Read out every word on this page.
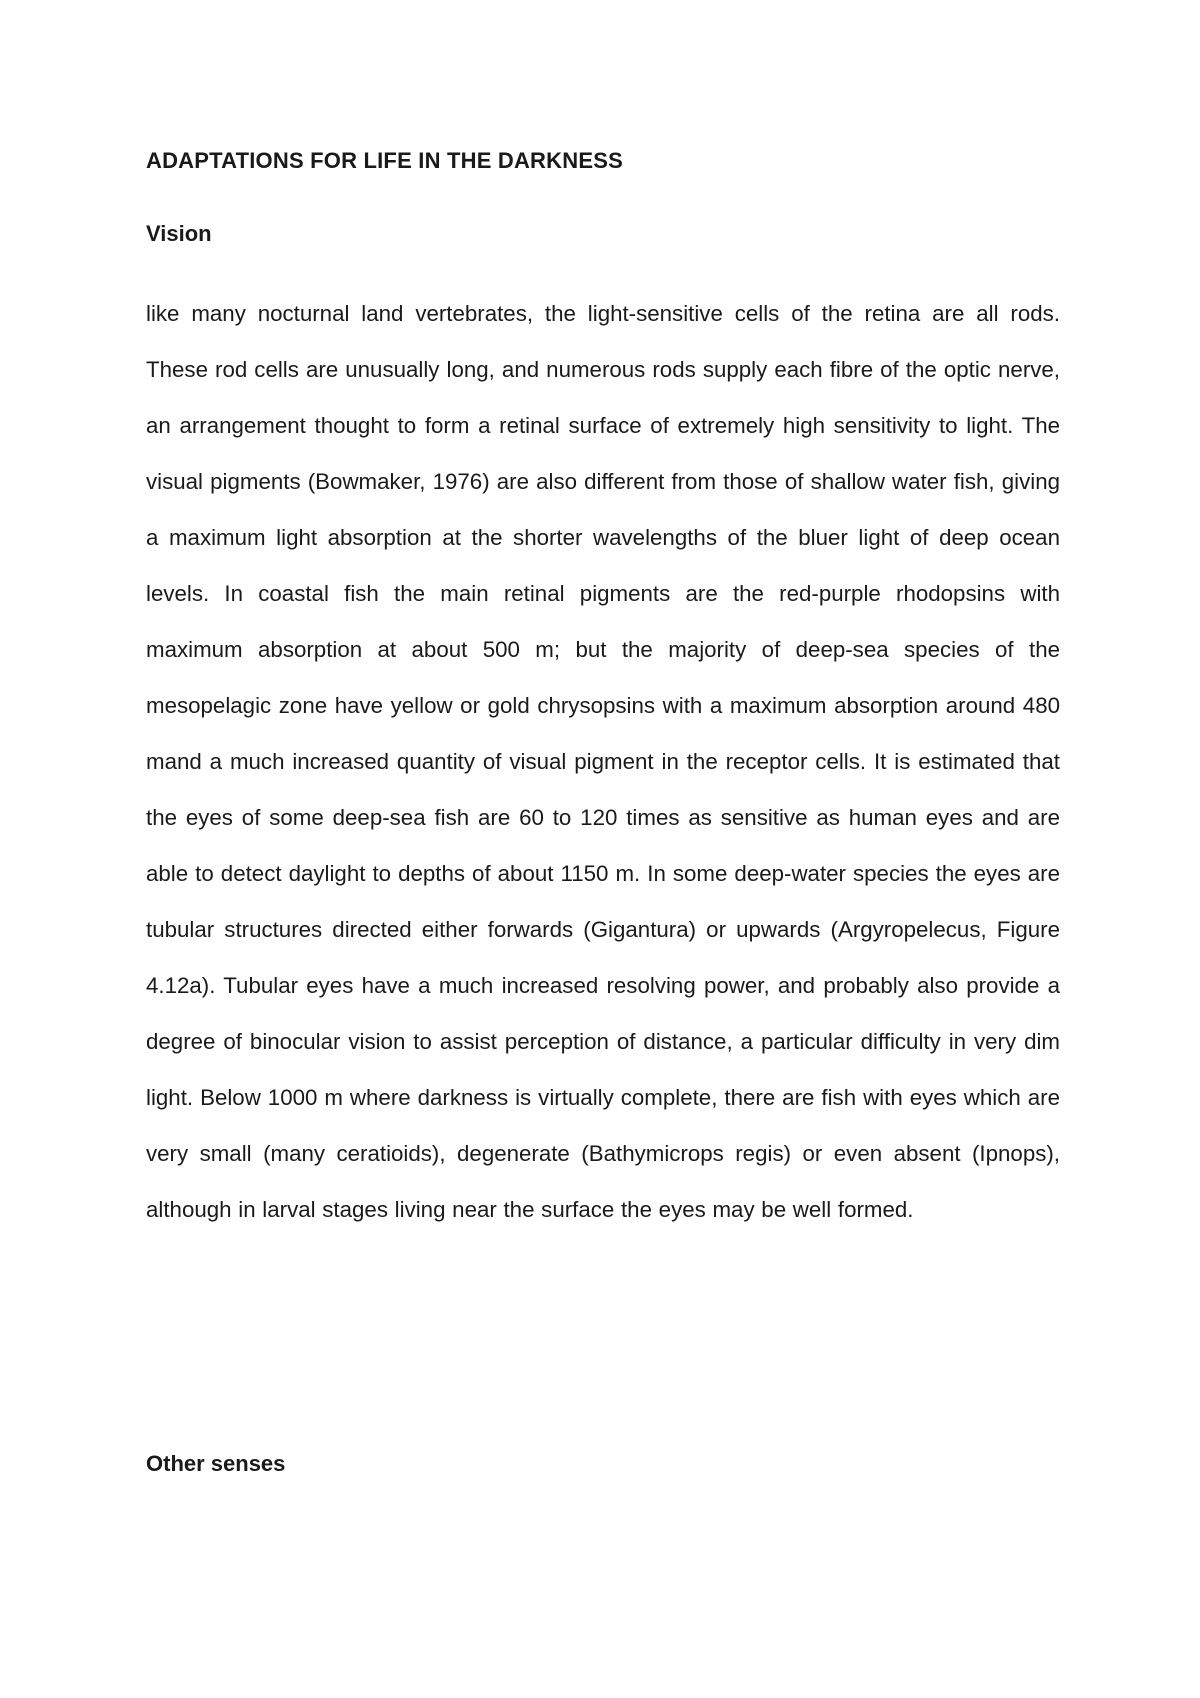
ADAPTATIONS FOR LIFE IN THE DARKNESS
Vision

like many nocturnal land vertebrates, the light-sensitive cells of the retina are all rods. These rod cells are unusually long, and numerous rods supply each fibre of the optic nerve, an arrangement thought to form a retinal surface of extremely high sensitivity to light. The visual pigments (Bowmaker, 1976) are also different from those of shallow water fish, giving a maximum light absorption at the shorter wavelengths of the bluer light of deep ocean levels. In coastal fish the main retinal pigments are the red-purple rhodopsins with maximum absorption at about 500 m; but the majority of deep-sea species of the mesopelagic zone have yellow or gold chrysopsins with a maximum absorption around 480 mand a much increased quantity of visual pigment in the receptor cells. It is estimated that the eyes of some deep-sea fish are 60 to 120 times as sensitive as human eyes and are able to detect daylight to depths of about 1150 m. In some deep-water species the eyes are tubular structures directed either forwards (Gigantura) or upwards (Argyropelecus, Figure 4.12a). Tubular eyes have a much increased resolving power, and probably also provide a degree of binocular vision to assist perception of distance, a particular difficulty in very dim light. Below 1000 m where darkness is virtually complete, there are fish with eyes which are very small (many ceratioids), degenerate (Bathymicrops regis) or even absent (Ipnops), although in larval stages living near the surface the eyes may be well formed.

Other senses
